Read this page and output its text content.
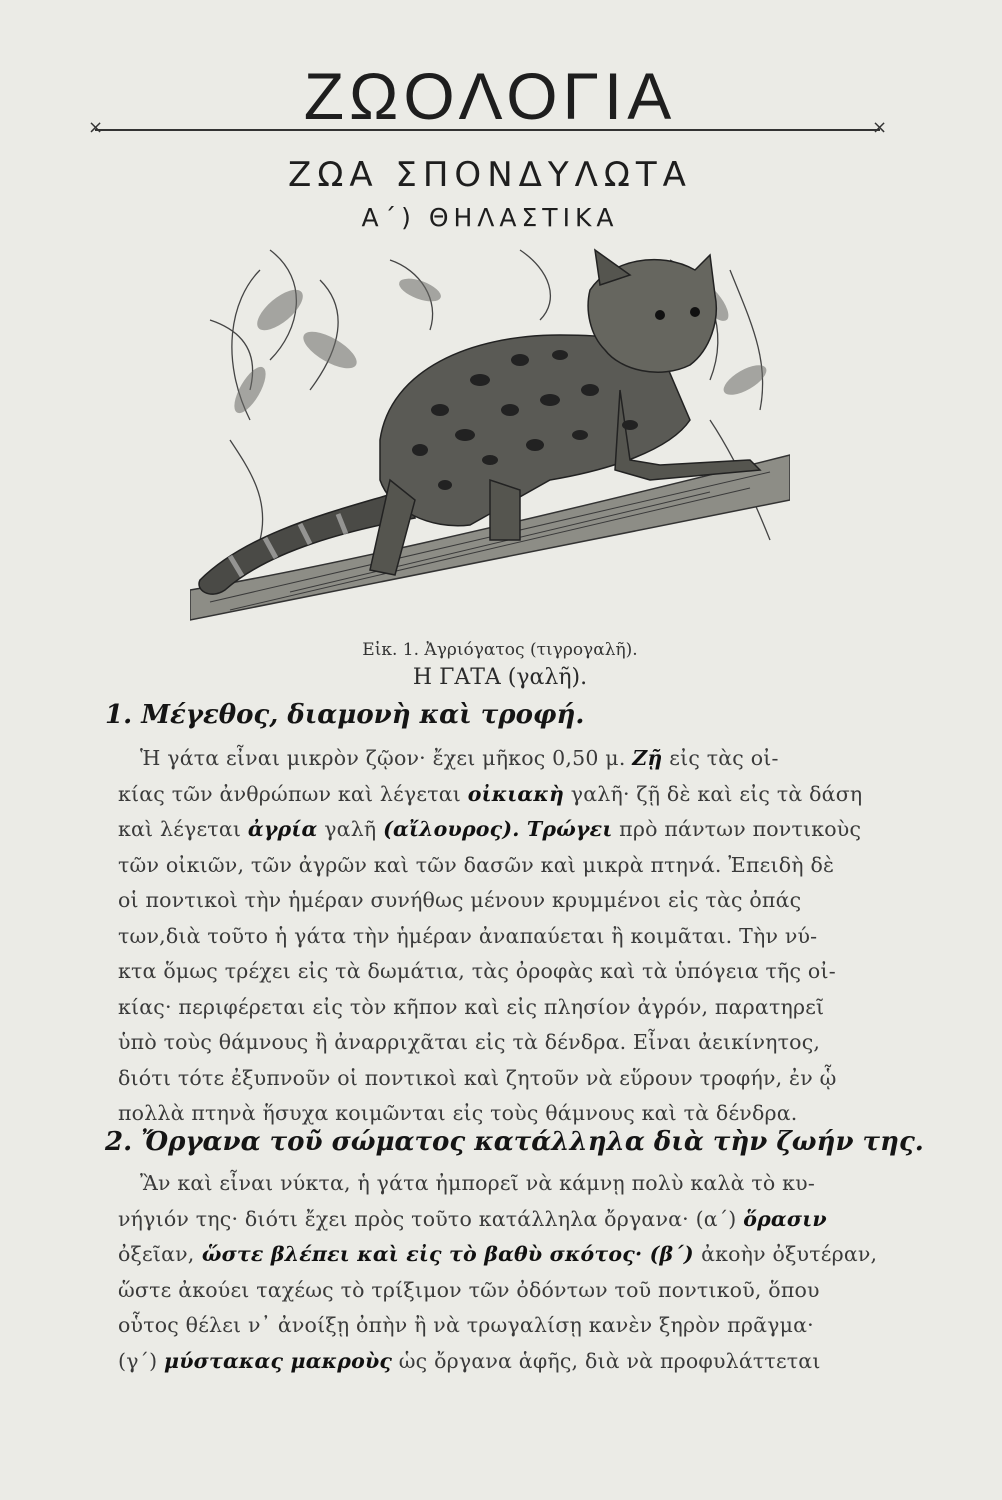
ΖΩΟΛΟΓΙΑ
×	×
ΖΩΑ ΣΠΟΝΔΥΛΩΤΑ
Α΄) ΘΗΛΑΣΤΙΚΑ
Εἰκ. 1. Ἀγριόγατος (τιγρογαλῆ).
Η ΓΑΤΑ (γαλῆ).
1. Μέγεθος, διαμονὴ καὶ τροφή.
Ἡ γάτα εἶναι μικρὸν ζῷον· ἔχει μῆκος 0,50 μ. Ζῇ εἰς τὰς οἰ-
κίας τῶν ἀνθρώπων καὶ λέγεται οἰκιακὴ γαλῆ· ζῇ δὲ καὶ εἰς τὰ δάση
καὶ λέγεται ἀγρία γαλῆ (αἴλουρος). Τρώγει πρὸ πάντων ποντικοὺς
τῶν οἰκιῶν, τῶν ἀγρῶν καὶ τῶν δασῶν καὶ μικρὰ πτηνά. Ἐπειδὴ δὲ
οἱ ποντικοὶ τὴν ἡμέραν συνήθως μένουν κρυμμένοι εἰς τὰς ὀπάς
των,διὰ τοῦτο ἡ γάτα τὴν ἡμέραν ἀναπαύεται ἢ κοιμᾶται. Τὴν νύ-
κτα ὅμως τρέχει εἰς τὰ δωμάτια, τὰς ὀροφὰς καὶ τὰ ὑπόγεια τῆς οἰ-
κίας· περιφέρεται εἰς τὸν κῆπον καὶ εἰς πλησίον ἀγρόν, παρατηρεῖ
ὑπὸ τοὺς θάμνους ἢ ἀναρριχᾶται εἰς τὰ δένδρα. Εἶναι ἀεικίνητος,
διότι τότε ἐξυπνοῦν οἱ ποντικοὶ καὶ ζητοῦν νὰ εὕρουν τροφήν, ἐν ᾧ
πολλὰ πτηνὰ ἥσυχα κοιμῶνται εἰς τοὺς θάμνους καὶ τὰ δένδρα.
2. Ὄργανα τοῦ σώματος κατάλληλα διὰ τὴν ζωήν της.
Ἂν καὶ εἶναι νύκτα, ἡ γάτα ἠμπορεῖ νὰ κάμνῃ πολὺ καλὰ τὸ κυ-
νήγιόν της· διότι ἔχει πρὸς τοῦτο κατάλληλα ὄργανα· (α΄) ὅρασιν
ὀξεῖαν, ὥστε βλέπει καὶ εἰς τὸ βαθὺ σκότος· (β΄) ἀκοὴν ὀξυτέραν,
ὥστε ἀκούει ταχέως τὸ τρίξιμον τῶν ὀδόντων τοῦ ποντικοῦ, ὅπου
οὗτος θέλει ν᾽ ἀνοίξῃ ὀπὴν ἢ νὰ τρωγαλίσῃ κανὲν ξηρὸν πρᾶγμα·
(γ΄) μύστακας μακροὺς ὡς ὄργανα ἁφῆς, διὰ νὰ προφυλάττεται
